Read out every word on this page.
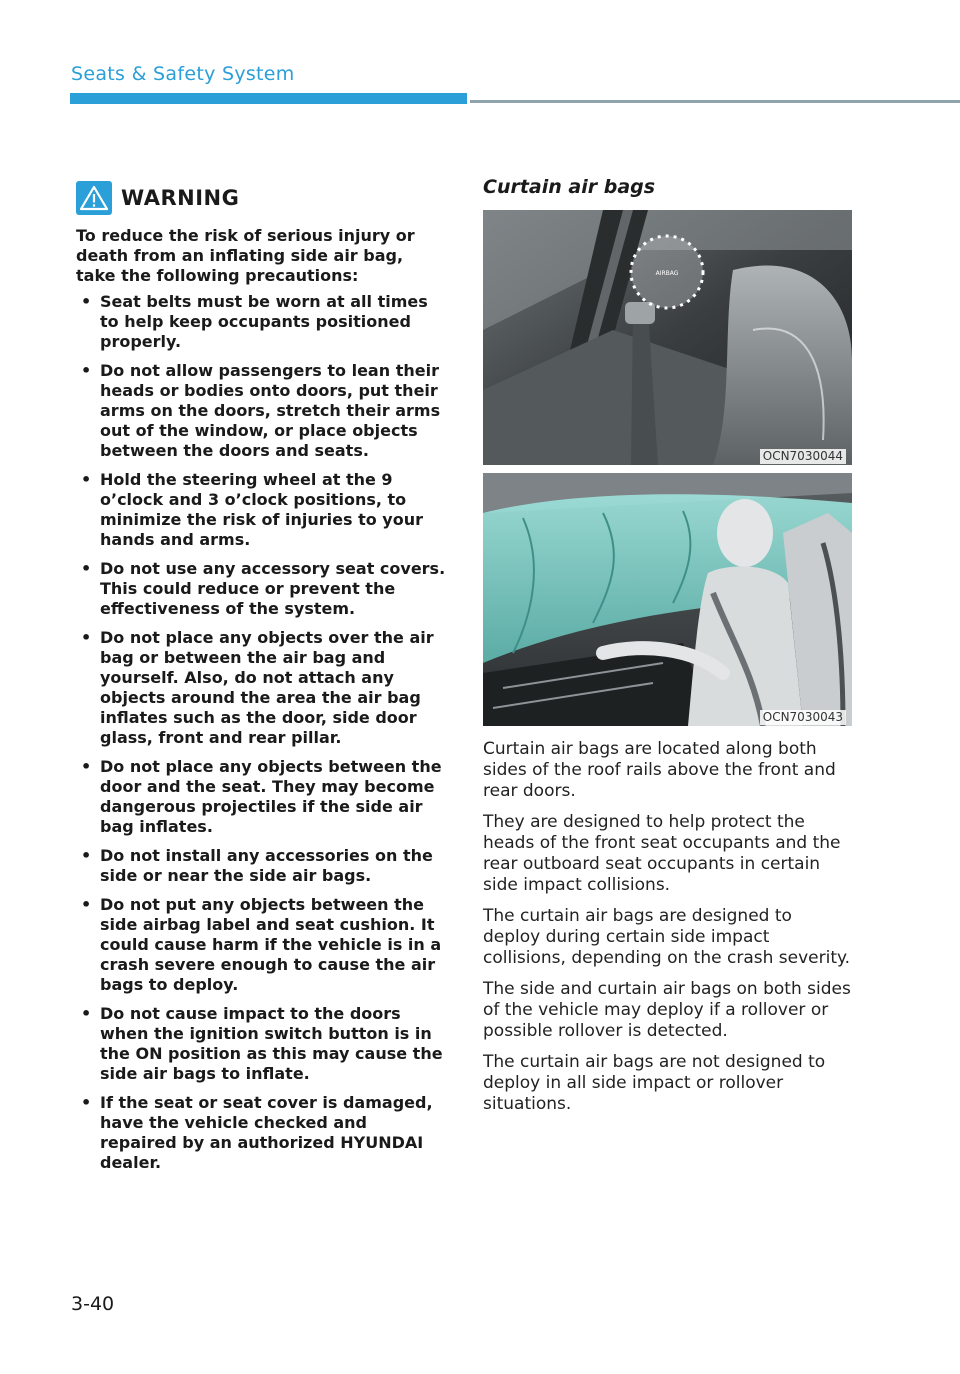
Seats & Safety System
WARNING

To reduce the risk of serious injury or death from an inflating side air bag, take the following precautions:

• Seat belts must be worn at all times to help keep occupants positioned properly.
• Do not allow passengers to lean their heads or bodies onto doors, put their arms on the doors, stretch their arms out of the window, or place objects between the doors and seats.
• Hold the steering wheel at the 9 o’clock and 3 o’clock positions, to minimize the risk of injuries to your hands and arms.
• Do not use any accessory seat covers. This could reduce or prevent the effectiveness of the system.
• Do not place any objects over the air bag or between the air bag and yourself. Also, do not attach any objects around the area the air bag inflates such as the door, side door glass, front and rear pillar.
• Do not place any objects between the door and the seat. They may become dangerous projectiles if the side air bag inflates.
• Do not install any accessories on the side or near the side air bags.
• Do not put any objects between the side airbag label and seat cushion. It could cause harm if the vehicle is in a crash severe enough to cause the air bags to deploy.
• Do not cause impact to the doors when the ignition switch button is in the ON position as this may cause the side air bags to inflate.
• If the seat or seat cover is damaged, have the vehicle checked and repaired by an authorized HYUNDAI dealer.
Curtain air bags
AIRBAG
OCN7030044
OCN7030043

Curtain air bags are located along both sides of the roof rails above the front and rear doors.

They are designed to help protect the heads of the front seat occupants and the rear outboard seat occupants in certain side impact collisions.

The curtain air bags are designed to deploy during certain side impact collisions, depending on the crash severity.

The side and curtain air bags on both sides of the vehicle may deploy if a rollover or possible rollover is detected.

The curtain air bags are not designed to deploy in all side impact or rollover situations.

3-40
